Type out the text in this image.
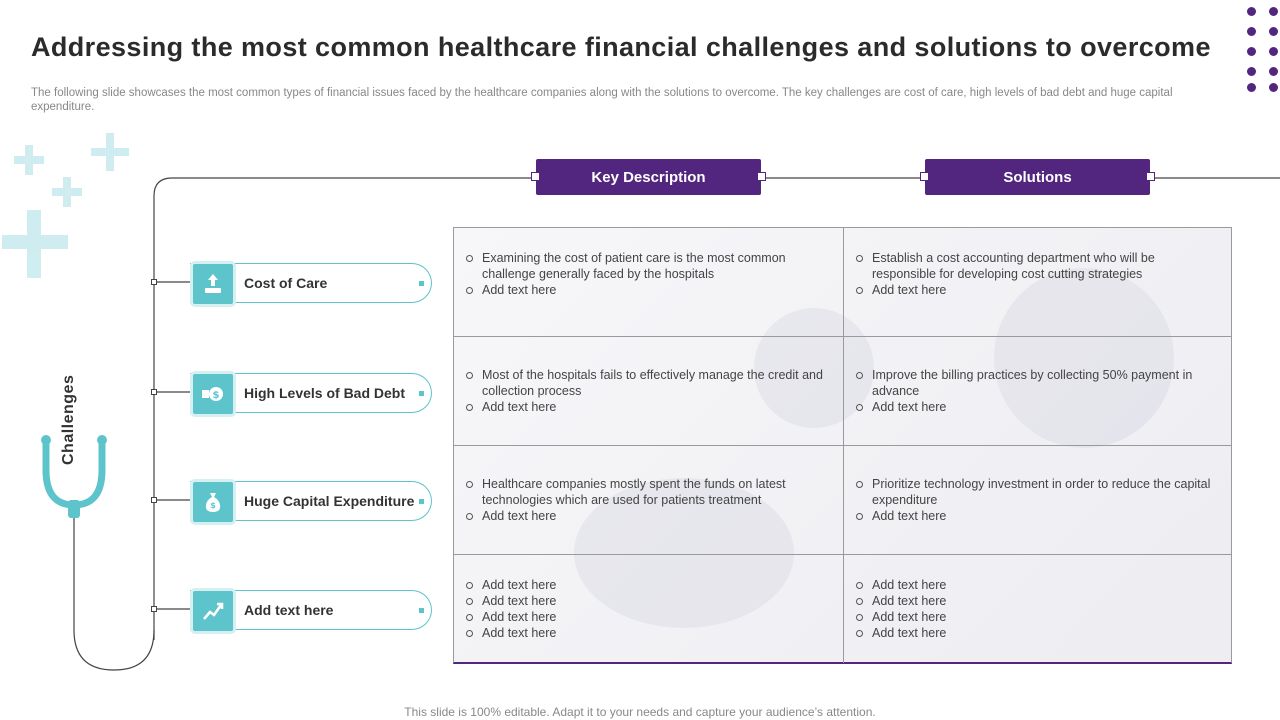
Addressing the most common healthcare financial challenges and solutions to overcome
The following slide showcases the most common types of financial issues faced by the healthcare companies along with the solutions to overcome. The key challenges are cost of care, high levels of bad debt and huge capital expenditure.
Challenges
Key Description	Solutions
Cost of Care
$ High Levels of Bad Debt
$ Huge Capital Expenditure
Add text here
Examining the cost of patient care is the most common challenge generally faced by the hospitals
Add text here
Establish a cost accounting department who will be responsible for developing cost cutting strategies
Add text here
Most of the hospitals fails to effectively manage the credit and collection process
Add text here
Improve the billing practices by collecting 50% payment in advance
Add text here
Healthcare companies mostly spent the funds on latest technologies which are used for patients treatment
Add text here
Prioritize technology investment in order to reduce the capital expenditure
Add text here
Add text here
Add text here
Add text here
Add text here
Add text here
Add text here
Add text here
Add text here
This slide is 100% editable. Adapt it to your needs and capture your audience’s attention.
